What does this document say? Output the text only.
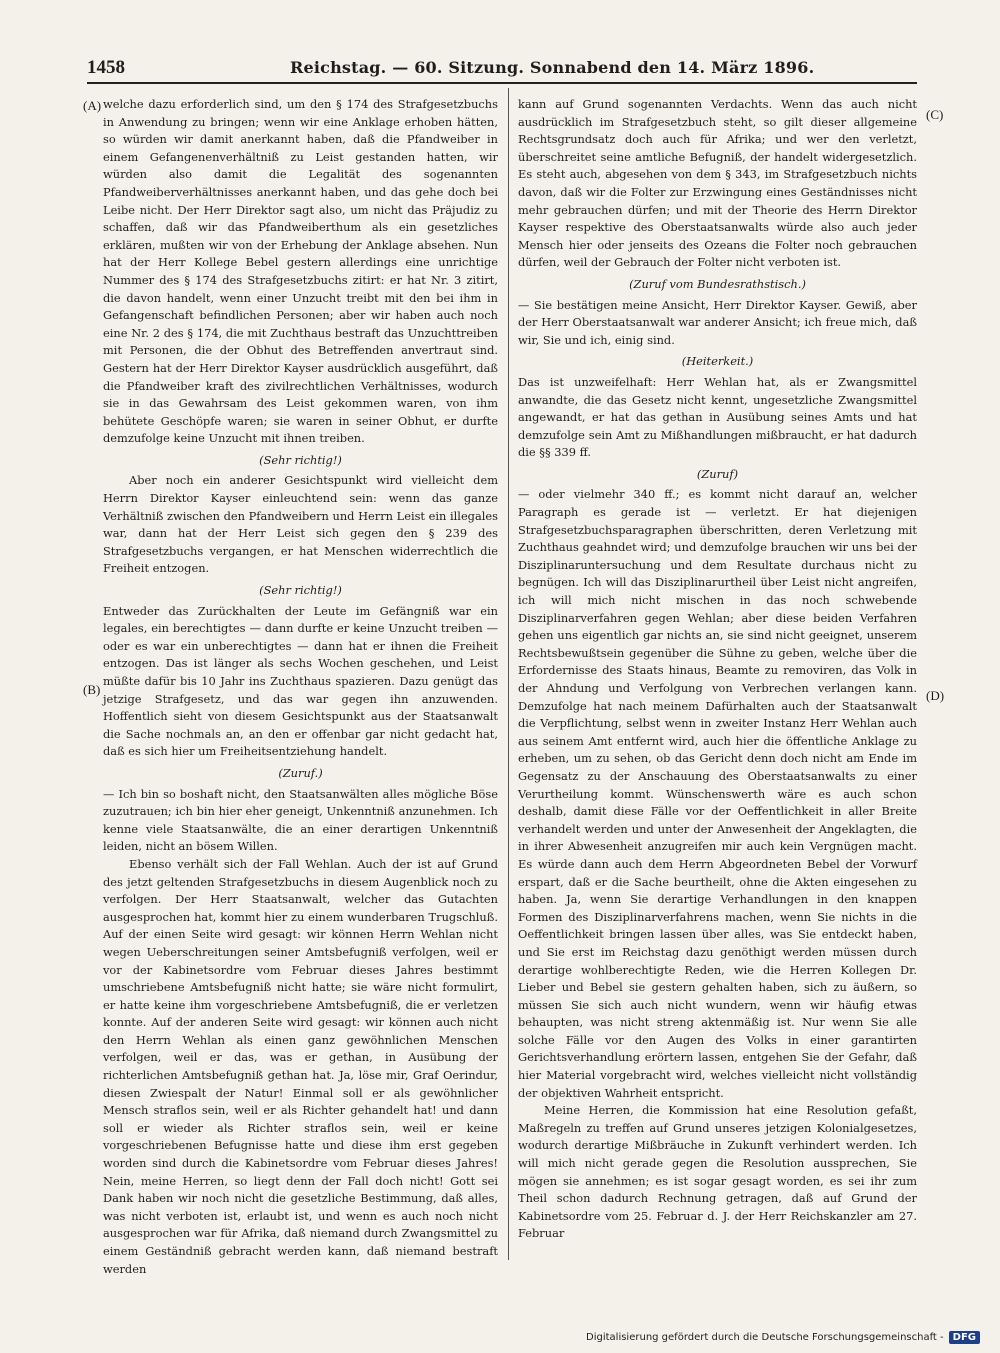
1458	Reichstag. — 60. Sitzung. Sonnabend den 14. März 1896.
(A)
(B)
(C)
(D)

welche dazu erforderlich sind, um den § 174 des Strafgesetzbuchs in Anwendung zu bringen; wenn wir eine Anklage erhoben hätten, so würden wir damit anerkannt haben, daß die Pfandweiber in einem Gefangenenverhältniß zu Leist gestanden hatten, wir würden also damit die Legalität des sogenannten Pfandweiberverhältnisses anerkannt haben, und das gehe doch bei Leibe nicht. Der Herr Direktor sagt also, um nicht das Präjudiz zu schaffen, daß wir das Pfandweiberthum als ein gesetzliches erklären, mußten wir von der Erhebung der Anklage absehen. Nun hat der Herr Kollege Bebel gestern allerdings eine unrichtige Nummer des § 174 des Strafgesetzbuchs zitirt: er hat Nr. 3 zitirt, die davon handelt, wenn einer Unzucht treibt mit den bei ihm in Gefangenschaft befindlichen Personen; aber wir haben auch noch eine Nr. 2 des § 174, die mit Zuchthaus bestraft das Unzuchttreiben mit Personen, die der Obhut des Betreffenden anvertraut sind. Gestern hat der Herr Direktor Kayser ausdrücklich ausgeführt, daß die Pfandweiber kraft des zivilrechtlichen Verhältnisses, wodurch sie in das Gewahrsam des Leist gekommen waren, von ihm behütete Geschöpfe waren; sie waren in seiner Obhut, er durfte demzufolge keine Unzucht mit ihnen treiben.

(Sehr richtig!)

Aber noch ein anderer Gesichtspunkt wird vielleicht dem Herrn Direktor Kayser einleuchtend sein: wenn das ganze Verhältniß zwischen den Pfandweibern und Herrn Leist ein illegales war, dann hat der Herr Leist sich gegen den § 239 des Strafgesetzbuchs vergangen, er hat Menschen widerrechtlich die Freiheit entzogen.

(Sehr richtig!)

Entweder das Zurückhalten der Leute im Gefängniß war ein legales, ein berechtigtes — dann durfte er keine Unzucht treiben — oder es war ein unberechtigtes — dann hat er ihnen die Freiheit entzogen. Das ist länger als sechs Wochen geschehen, und Leist müßte dafür bis 10 Jahr ins Zuchthaus spazieren. Dazu genügt das jetzige Strafgesetz, und das war gegen ihn anzuwenden. Hoffentlich sieht von diesem Gesichtspunkt aus der Staatsanwalt die Sache nochmals an, an den er offenbar gar nicht gedacht hat, daß es sich hier um Freiheitsentziehung handelt.

(Zuruf.)

— Ich bin so boshaft nicht, den Staatsanwälten alles mögliche Böse zuzutrauen; ich bin hier eher geneigt, Unkenntniß anzunehmen. Ich kenne viele Staatsanwälte, die an einer derartigen Unkenntniß leiden, nicht an bösem Willen.

Ebenso verhält sich der Fall Wehlan. Auch der ist auf Grund des jetzt geltenden Strafgesetzbuchs in diesem Augenblick noch zu verfolgen. Der Herr Staatsanwalt, welcher das Gutachten ausgesprochen hat, kommt hier zu einem wunderbaren Trugschluß. Auf der einen Seite wird gesagt: wir können Herrn Wehlan nicht wegen Ueberschreitungen seiner Amtsbefugniß verfolgen, weil er vor der Kabinetsordre vom Februar dieses Jahres bestimmt umschriebene Amtsbefugniß nicht hatte; sie wäre nicht formulirt, er hatte keine ihm vorgeschriebene Amtsbefugniß, die er verletzen konnte. Auf der anderen Seite wird gesagt: wir können auch nicht den Herrn Wehlan als einen ganz gewöhnlichen Menschen verfolgen, weil er das, was er gethan, in Ausübung der richterlichen Amtsbefugniß gethan hat. Ja, löse mir, Graf Oerindur, diesen Zwiespalt der Natur! Einmal soll er als gewöhnlicher Mensch straflos sein, weil er als Richter gehandelt hat! und dann soll er wieder als Richter straflos sein, weil er keine vorgeschriebenen Befugnisse hatte und diese ihm erst gegeben worden sind durch die Kabinetsordre vom Februar dieses Jahres! Nein, meine Herren, so liegt denn der Fall doch nicht! Gott sei Dank haben wir noch nicht die gesetzliche Bestimmung, daß alles, was nicht verboten ist, erlaubt ist, und wenn es auch noch nicht ausgesprochen war für Afrika, daß niemand durch Zwangsmittel zu einem Geständniß gebracht werden kann, daß niemand bestraft werden

kann auf Grund sogenannten Verdachts. Wenn das auch nicht ausdrücklich im Strafgesetzbuch steht, so gilt dieser allgemeine Rechtsgrundsatz doch auch für Afrika; und wer den verletzt, überschreitet seine amtliche Befugniß, der handelt widergesetzlich. Es steht auch, abgesehen von dem § 343, im Strafgesetzbuch nichts davon, daß wir die Folter zur Erzwingung eines Geständnisses nicht mehr gebrauchen dürfen; und mit der Theorie des Herrn Direktor Kayser respektive des Oberstaatsanwalts würde also auch jeder Mensch hier oder jenseits des Ozeans die Folter noch gebrauchen dürfen, weil der Gebrauch der Folter nicht verboten ist.

(Zuruf vom Bundesrathstisch.)

— Sie bestätigen meine Ansicht, Herr Direktor Kayser. Gewiß, aber der Herr Oberstaatsanwalt war anderer Ansicht; ich freue mich, daß wir, Sie und ich, einig sind.

(Heiterkeit.)

Das ist unzweifelhaft: Herr Wehlan hat, als er Zwangsmittel anwandte, die das Gesetz nicht kennt, ungesetzliche Zwangsmittel angewandt, er hat das gethan in Ausübung seines Amts und hat demzufolge sein Amt zu Mißhandlungen mißbraucht, er hat dadurch die §§ 339 ff.

(Zuruf)

— oder vielmehr 340 ff.; es kommt nicht darauf an, welcher Paragraph es gerade ist — verletzt. Er hat diejenigen Strafgesetzbuchsparagraphen überschritten, deren Verletzung mit Zuchthaus geahndet wird; und demzufolge brauchen wir uns bei der Disziplinaruntersuchung und dem Resultate durchaus nicht zu begnügen. Ich will das Disziplinarurtheil über Leist nicht angreifen, ich will mich nicht mischen in das noch schwebende Disziplinarverfahren gegen Wehlan; aber diese beiden Verfahren gehen uns eigentlich gar nichts an, sie sind nicht geeignet, unserem Rechtsbewußtsein gegenüber die Sühne zu geben, welche über die Erfordernisse des Staats hinaus, Beamte zu removiren, das Volk in der Ahndung und Verfolgung von Verbrechen verlangen kann. Demzufolge hat nach meinem Dafürhalten auch der Staatsanwalt die Verpflichtung, selbst wenn in zweiter Instanz Herr Wehlan auch aus seinem Amt entfernt wird, auch hier die öffentliche Anklage zu erheben, um zu sehen, ob das Gericht denn doch nicht am Ende im Gegensatz zu der Anschauung des Oberstaatsanwalts zu einer Verurtheilung kommt. Wünschenswerth wäre es auch schon deshalb, damit diese Fälle vor der Oeffentlichkeit in aller Breite verhandelt werden und unter der Anwesenheit der Angeklagten, die in ihrer Abwesenheit anzugreifen mir auch kein Vergnügen macht. Es würde dann auch dem Herrn Abgeordneten Bebel der Vorwurf erspart, daß er die Sache beurtheilt, ohne die Akten eingesehen zu haben. Ja, wenn Sie derartige Verhandlungen in den knappen Formen des Disziplinarverfahrens machen, wenn Sie nichts in die Oeffentlichkeit bringen lassen über alles, was Sie entdeckt haben, und Sie erst im Reichstag dazu genöthigt werden müssen durch derartige wohlberechtigte Reden, wie die Herren Kollegen Dr. Lieber und Bebel sie gestern gehalten haben, sich zu äußern, so müssen Sie sich auch nicht wundern, wenn wir häufig etwas behaupten, was nicht streng aktenmäßig ist. Nur wenn Sie alle solche Fälle vor den Augen des Volks in einer garantirten Gerichtsverhandlung erörtern lassen, entgehen Sie der Gefahr, daß hier Material vorgebracht wird, welches vielleicht nicht vollständig der objektiven Wahrheit entspricht.

Meine Herren, die Kommission hat eine Resolution gefaßt, Maßregeln zu treffen auf Grund unseres jetzigen Kolonialgesetzes, wodurch derartige Mißbräuche in Zukunft verhindert werden. Ich will mich nicht gerade gegen die Resolution aussprechen, Sie mögen sie annehmen; es ist sogar gesagt worden, es sei ihr zum Theil schon dadurch Rechnung getragen, daß auf Grund der Kabinetsordre vom 25. Februar d. J. der Herr Reichskanzler am 27. Februar

Digitalisierung gefördert durch die Deutsche Forschungsgemeinschaft - DFG
